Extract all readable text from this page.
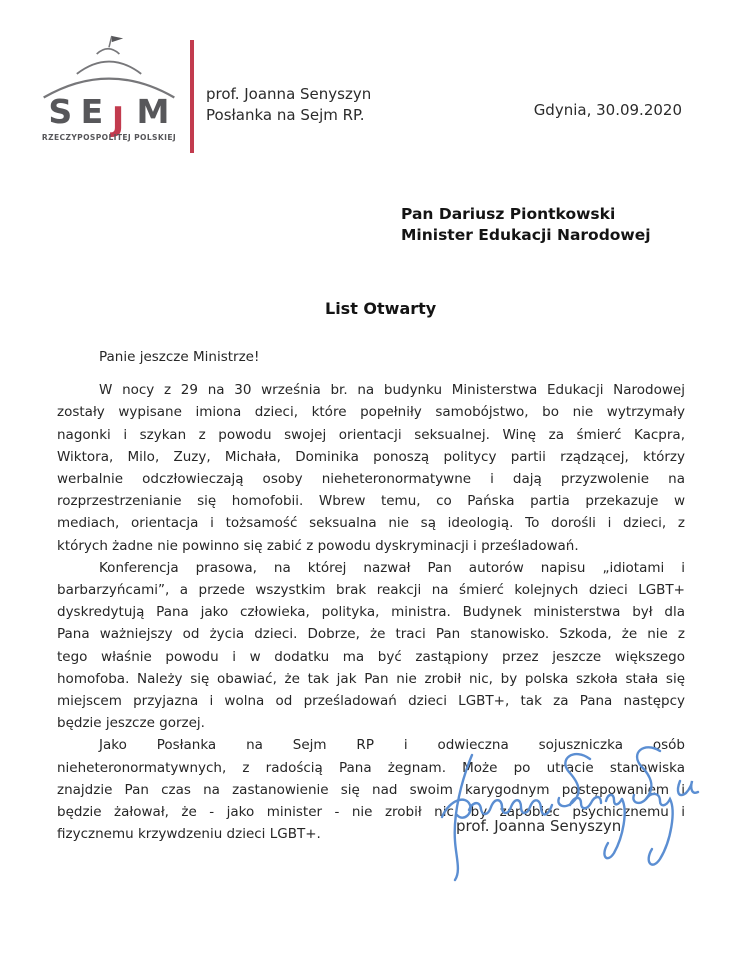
S E J M
RZECZYPOSPOLITEJ POLSKIEJ
prof. Joanna Senyszyn
Posłanka na Sejm RP.	Gdynia, 30.09.2020
Pan Dariusz Piontkowski
Minister Edukacji Narodowej
List Otwarty
Panie jeszcze Ministrze!
W nocy z 29 na 30 września br. na budynku Ministerstwa Edukacji Narodowej
zostały wypisane imiona dzieci, które popełniły samobójstwo, bo nie wytrzymały
nagonki i szykan z powodu swojej orientacji seksualnej. Winę za śmierć Kacpra,
Wiktora, Milo, Zuzy, Michała, Dominika ponoszą politycy partii rządzącej, którzy
werbalnie odczłowieczają osoby nieheteronormatywne i dają przyzwolenie na
rozprzestrzenianie się homofobii. Wbrew temu, co Pańska partia przekazuje w
mediach, orientacja i tożsamość seksualna nie są ideologią. To dorośli i dzieci, z
których żadne nie powinno się zabić z powodu dyskryminacji i prześladowań.
Konferencja prasowa, na której nazwał Pan autorów napisu „idiotami i
barbarzyńcami”, a przede wszystkim brak reakcji na śmierć kolejnych dzieci LGBT+
dyskredytują Pana jako człowieka, polityka, ministra. Budynek ministerstwa był dla
Pana ważniejszy od życia dzieci. Dobrze, że traci Pan stanowisko. Szkoda, że nie z
tego właśnie powodu i w dodatku ma być zastąpiony przez jeszcze większego
homofoba. Należy się obawiać, że tak jak Pan nie zrobił nic, by polska szkoła stała się
miejscem przyjazna i wolna od prześladowań dzieci LGBT+, tak za Pana następcy
będzie jeszcze gorzej.
Jako Posłanka na Sejm RP i odwieczna sojuszniczka osób
nieheteronormatywnych, z radością Pana żegnam. Może po utracie stanowiska
znajdzie Pan czas na zastanowienie się nad swoim karygodnym postępowaniem i
będzie żałował, że - jako minister - nie zrobił nic, by zapobiec psychicznemu i
fizycznemu krzywdzeniu dzieci LGBT+.	prof. Joanna Senyszyn
